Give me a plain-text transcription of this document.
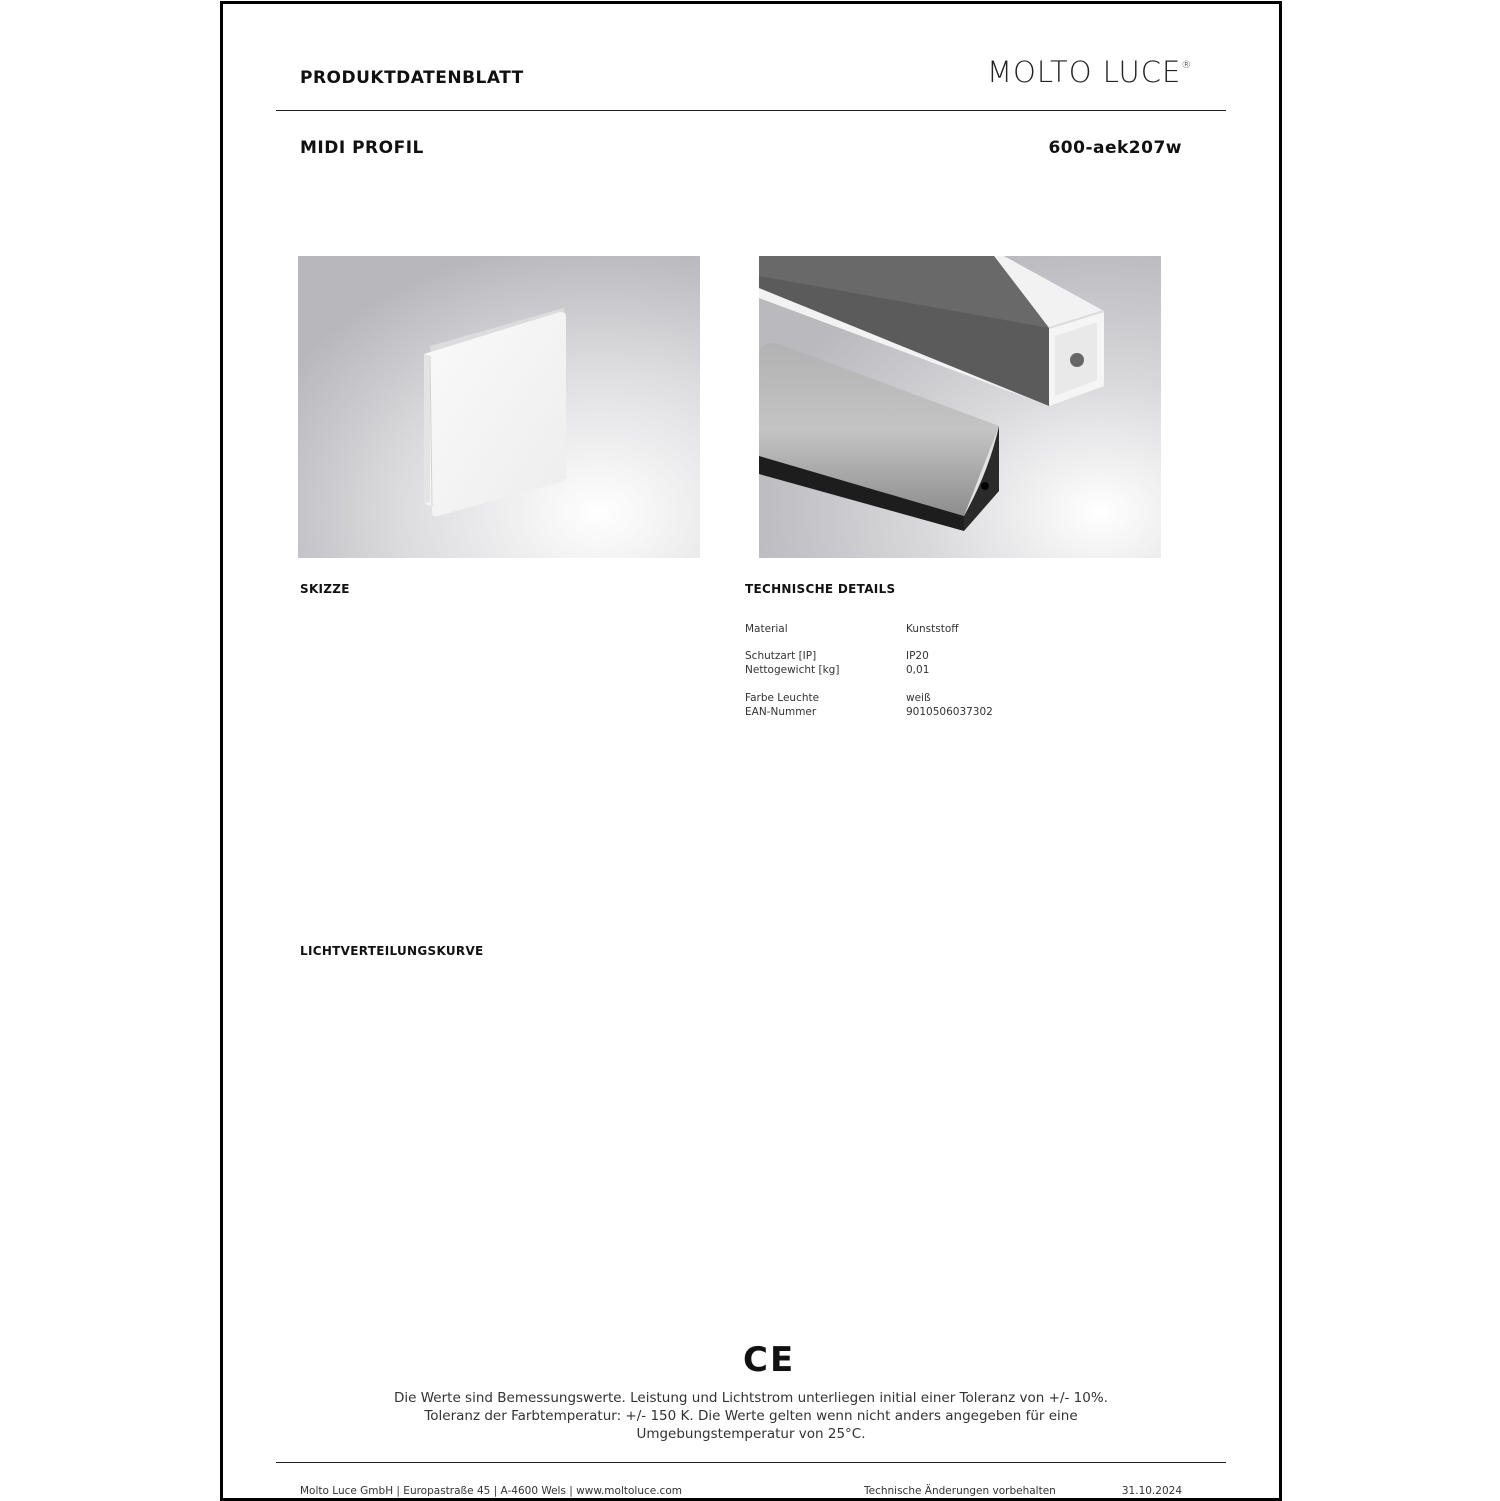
PRODUKTDATENBLATT	MOLTO LUCE®
MIDI PROFIL	600-aek207w
SKIZZE	TECHNISCHE DETAILS
Material	Kunststoff
Schutzart [IP]	IP20
Nettogewicht [kg]	0,01
Farbe Leuchte	weiß
EAN-Nummer	9010506037302
LICHTVERTEILUNGSKURVE
CE
Die Werte sind Bemessungswerte. Leistung und Lichtstrom unterliegen initial einer Toleranz von +/- 10%.
Toleranz der Farbtemperatur: +/- 150 K. Die Werte gelten wenn nicht anders angegeben für eine
Umgebungstemperatur von 25°C.
Molto Luce GmbH | Europastraße 45 | A-4600 Wels | www.moltoluce.com	Technische Änderungen vorbehalten	31.10.2024
